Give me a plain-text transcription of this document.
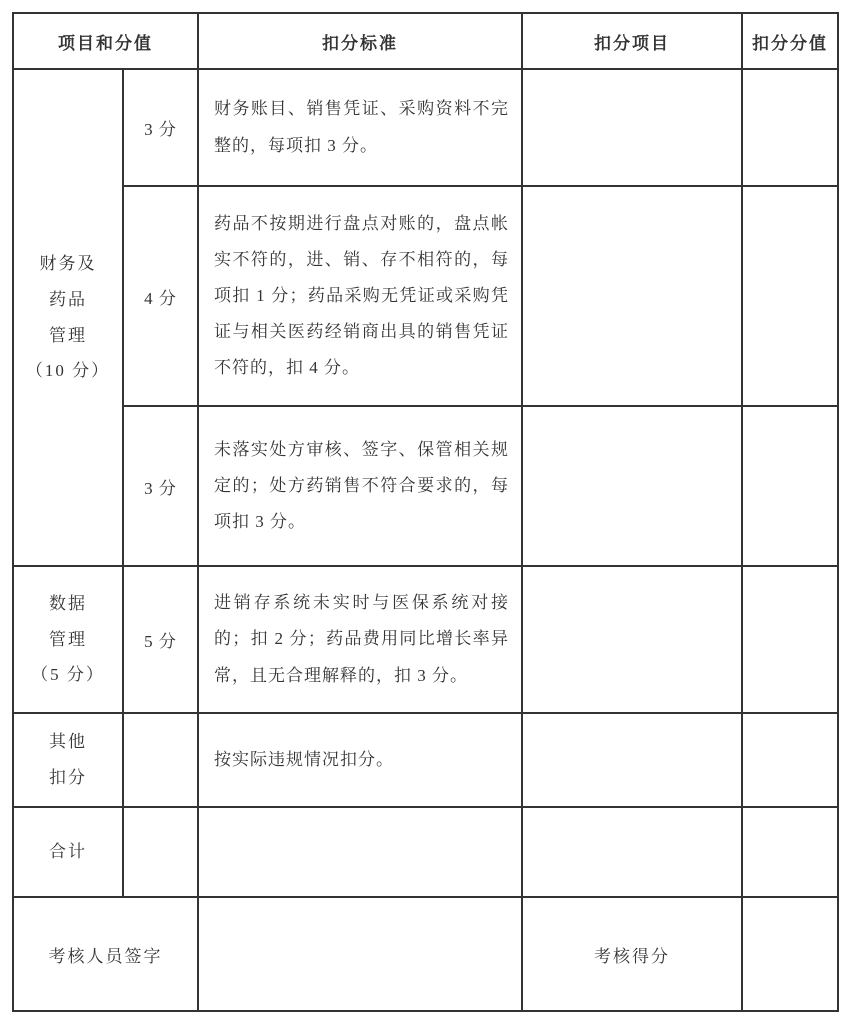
项目和分值		扣分标准	扣分项目	扣分分值
财务及
药品
管理
（10 分）	3 分	财务账目、销售凭证、采购资料不完整的，每项扣 3 分。		
	4 分	药品不按期进行盘点对账的，盘点帐实不符的，进、销、存不相符的，每项扣 1 分；药品采购无凭证或采购凭证与相关医药经销商出具的销售凭证不符的，扣 4 分。		
	3 分	未落实处方审核、签字、保管相关规定的；处方药销售不符合要求的，每项扣 3 分。		
数据
管理
（5 分）	5 分	进销存系统未实时与医保系统对接的；扣 2 分；药品费用同比增长率异常，且无合理解释的，扣 3 分。		
其他
扣分		按实际违规情况扣分。		
合计				
考核人员签字			考核得分	
